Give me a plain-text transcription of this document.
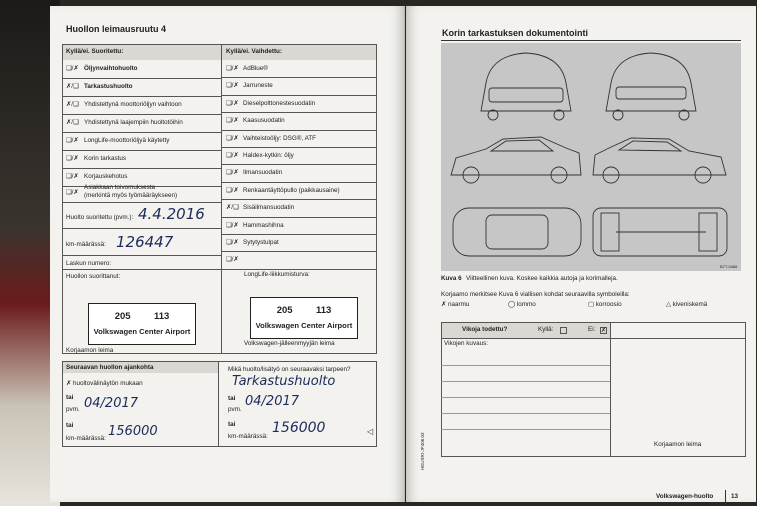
Huollon leimausruutu 4
Kyllä/ei. Suoritettu:	Kyllä/ei. Vaihdettu:
❑/✗ Öljynvaihtohuolto
✗/❑ Tarkastushuolto
✗/❑ Yhdistettynä moottoriöljyn vaihtoon
✗/❑ Yhdistettynä laajempiin huoltotöihin
❑/✗ LongLife-moottoriöljyä käytetty
❑/✗ Korin tarkastus
❑/✗ Korjauskehotus
❑/✗ AdBlue®
❑/✗ Jarruneste
❑/✗ Dieselpolttonestesuodatin
❑/✗ Kaasusuodatin
❑/✗ Vaihteistoöljy: DSG®, ATF
❑/✗ Haldex-kytkin: öljy
❑/✗ Ilmansuodatin
❑/✗ Renkaantäyttöpullo (paikkausaine)
✗/❑ Sisäilmansuodatin
❑/✗ Hammashihna
❑/✗ Sytytystulpat
❑/✗
❑/✗
Asiakkaan toivomuksesta
(merkintä myös työmääräykseen)
Huolto suoritettu (pvm.): 4.4.2016
km-määrässä: 126447
Laskun numero:
Huollon suorittanut:	LongLife-liikkumisturva:
205 113
Volkswagen Center Airport
205 113
Volkswagen Center Airport
Korjaamon leima
Volkswagen-jälleenmyyjän leima
Seuraavan huollon ajankohta
✗ huoltovälinäytön mukaan
tai
pvm. 04/2017
tai
km-määrässä: 156000
Mikä huolto/lisätyö on seuraavaksi tarpeen?
Tarkastushuolto
tai
pvm.
04/2017
tai
km-määrässä:
156000	◁
Korin tarkastuksen dokumentointi
B7T-0466
Kuva 6 Viitteellinen kuva. Koskee kaikkia autoja ja korimalleja.
Korjaamo merkitsee Kuva 6 viallisen kohdat seuraavilla symboleilla:
✗ naarmu	◯ lommo	▢ korroosio	△ kiveniskemä
Vikoja todettu?	Kyllä:	Ei: ✗
Vikojen kuvaus:
Korjaamon leima
HEUSRI-JP406.03
Volkswagen-huolto	13
